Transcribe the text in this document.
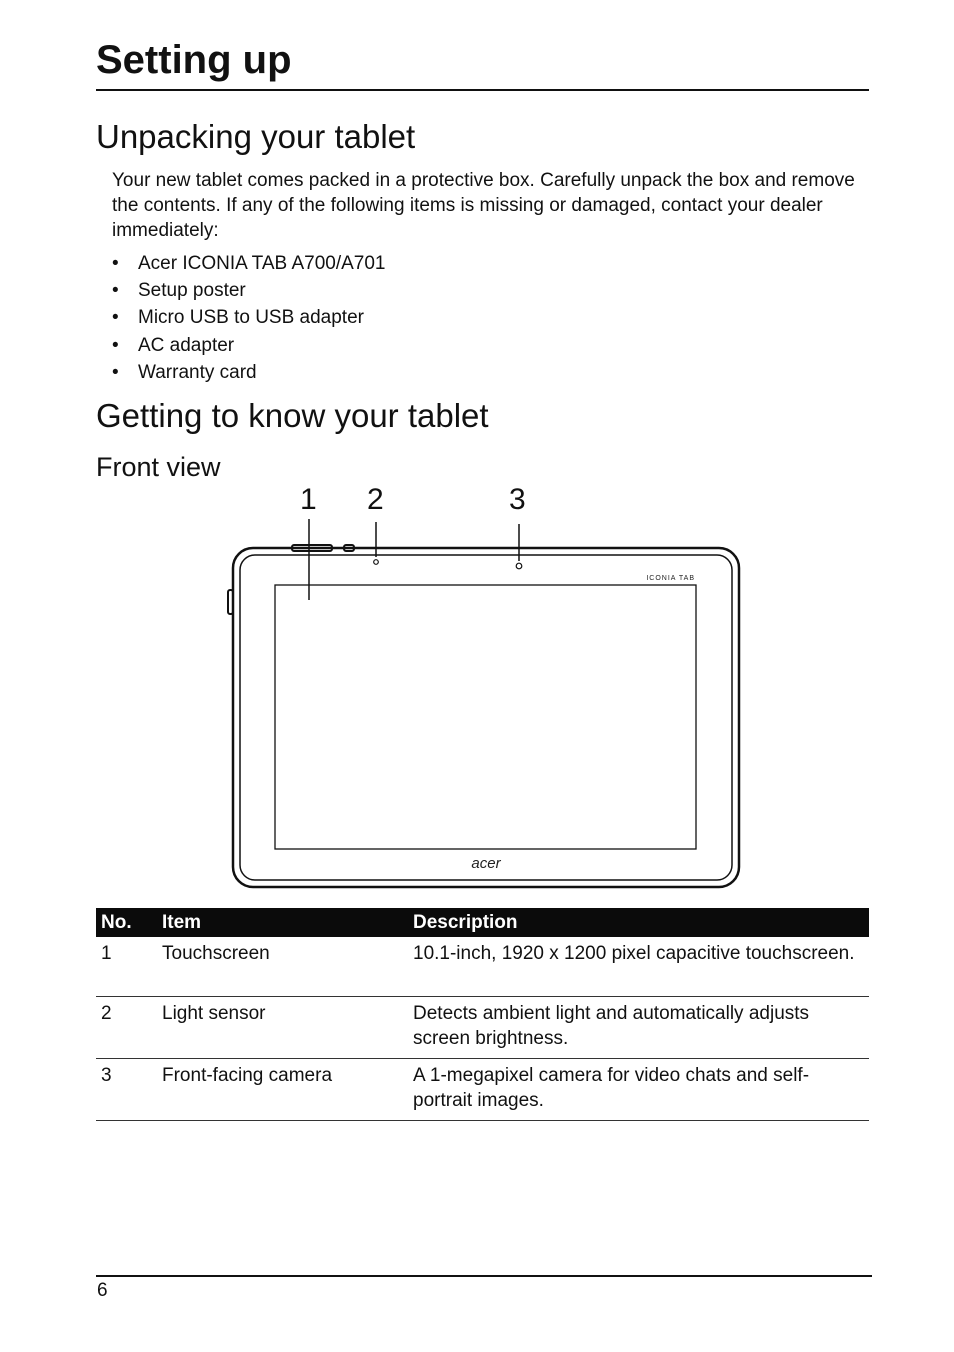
Setting up
Unpacking your tablet

Your new tablet comes packed in a protective box. Carefully unpack the box and remove the contents. If any of the following items is missing or damaged, contact your dealer immediately:

• Acer ICONIA TAB A700/A701
• Setup poster
• Micro USB to USB adapter
• AC adapter
• Warranty card
Getting to know your tablet
Front view
1 2	3
ICONIA TAB
acer
No.	Item	Description
1	Touchscreen	10.1-inch, 1920 x 1200 pixel capacitive touchscreen.
2	Light sensor	Detects ambient light and automatically adjusts screen brightness.
3	Front-facing camera	A 1-megapixel camera for video chats and self-portrait images.
6
